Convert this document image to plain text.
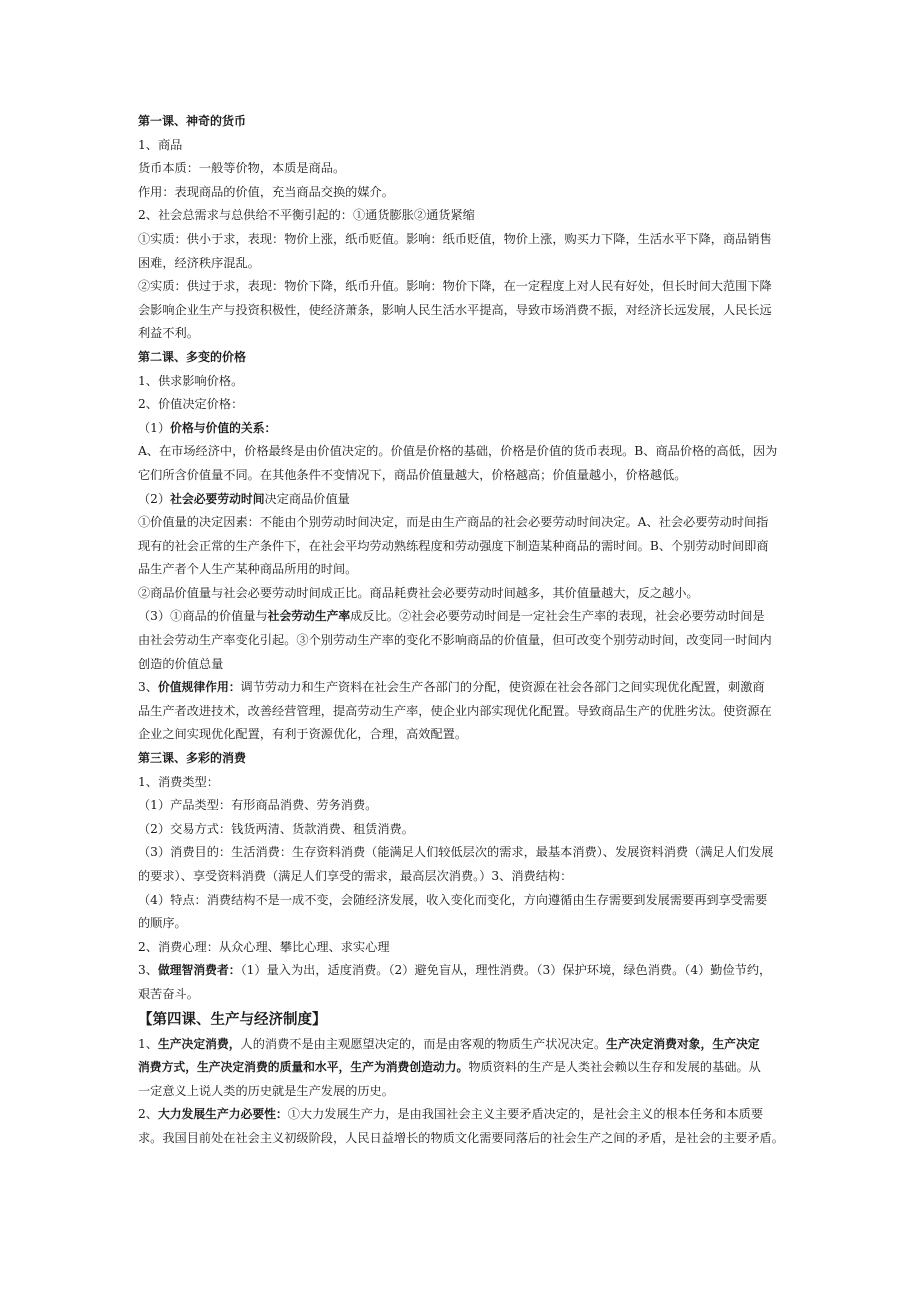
第一课、神奇的货币
1、商品
货币本质：一般等价物，本质是商品。
作用：表现商品的价值，充当商品交换的媒介。
2、社会总需求与总供给不平衡引起的：①通货膨胀②通货紧缩
①实质：供小于求，表现：物价上涨，纸币贬值。影响：纸币贬值，物价上涨，购买力下降，生活水平下降，商品销售
困难，经济秩序混乱。
②实质：供过于求，表现：物价下降，纸币升值。影响：物价下降，在一定程度上对人民有好处，但长时间大范围下降
会影响企业生产与投资积极性，使经济萧条，影响人民生活水平提高，导致市场消费不振，对经济长远发展，人民长远
利益不利。
第二课、多变的价格
1、供求影响价格。
2、价值决定价格：
（1）价格与价值的关系：
A、在市场经济中，价格最终是由价值决定的。价值是价格的基础，价格是价值的货币表现。B、商品价格的高低，因为
它们所含价值量不同。在其他条件不变情况下，商品价值量越大，价格越高；价值量越小，价格越低。
（2）社会必要劳动时间决定商品价值量
①价值量的决定因素：不能由个别劳动时间决定，而是由生产商品的社会必要劳动时间决定。A、社会必要劳动时间指
现有的社会正常的生产条件下，在社会平均劳动熟练程度和劳动强度下制造某种商品的需时间。B、个别劳动时间即商
品生产者个人生产某种商品所用的时间。
②商品价值量与社会必要劳动时间成正比。商品耗费社会必要劳动时间越多，其价值量越大，反之越小。
（3）①商品的价值量与社会劳动生产率成反比。②社会必要劳动时间是一定社会生产率的表现，社会必要劳动时间是
由社会劳动生产率变化引起。③个别劳动生产率的变化不影响商品的价值量，但可改变个别劳动时间，改变同一时间内
创造的价值总量
3、价值规律作用：调节劳动力和生产资料在社会生产各部门的分配，使资源在社会各部门之间实现优化配置，刺激商
品生产者改进技术，改善经营管理，提高劳动生产率，使企业内部实现优化配置。导致商品生产的优胜劣汰。使资源在
企业之间实现优化配置，有利于资源优化，合理，高效配置。
第三课、多彩的消费
1、消费类型：
（1）产品类型：有形商品消费、劳务消费。
（2）交易方式：钱货两清、货款消费、租赁消费。
（3）消费目的：生活消费：生存资料消费（能满足人们较低层次的需求，最基本消费）、发展资料消费（满足人们发展
的要求）、享受资料消费（满足人们享受的需求，最高层次消费。）3、消费结构：
（4）特点：消费结构不是一成不变，会随经济发展，收入变化而变化，方向遵循由生存需要到发展需要再到享受需要
的顺序。
2、消费心理：从众心理、攀比心理、求实心理
3、做理智消费者：（1）量入为出，适度消费。（2）避免盲从，理性消费。（3）保护环境，绿色消费。（4）勤俭节约，
艰苦奋斗。
【第四课、生产与经济制度】
1、生产决定消费，人的消费不是由主观愿望决定的，而是由客观的物质生产状况决定。生产决定消费对象，生产决定
消费方式，生产决定消费的质量和水平，生产为消费创造动力。物质资料的生产是人类社会赖以生存和发展的基础。从
一定意义上说人类的历史就是生产发展的历史。
2、大力发展生产力必要性：①大力发展生产力，是由我国社会主义主要矛盾决定的，是社会主义的根本任务和本质要
求。我国目前处在社会主义初级阶段，人民日益增长的物质文化需要同落后的社会生产之间的矛盾，是社会的主要矛盾。
